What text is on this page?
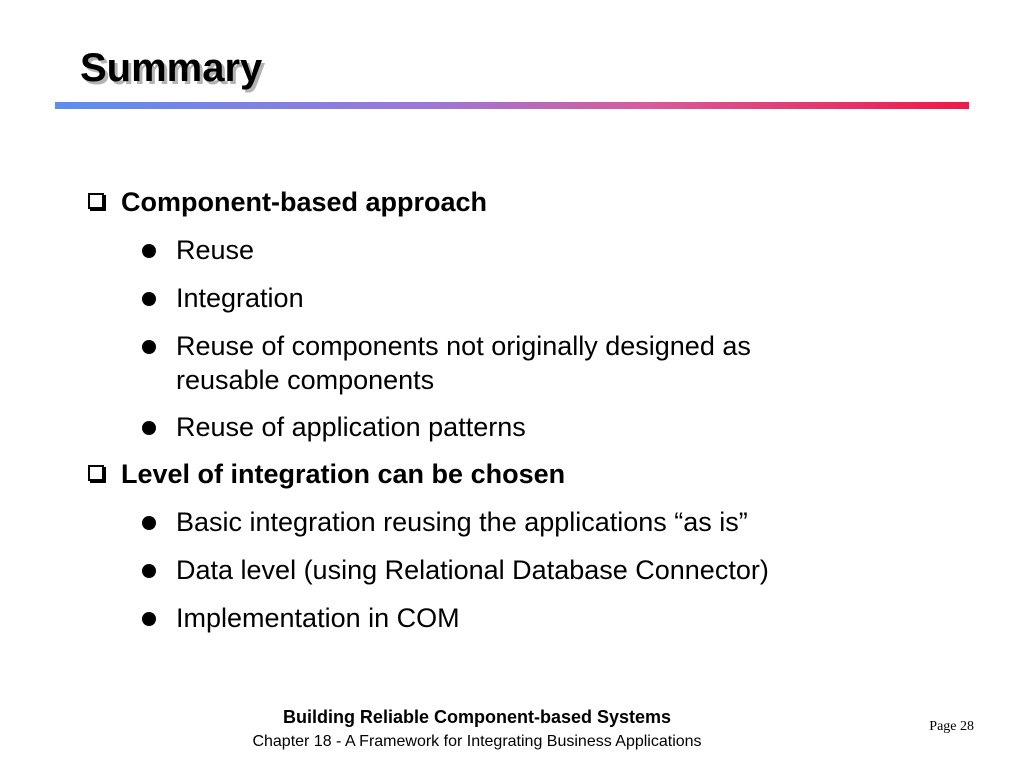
Summary
Component-based approach
Reuse
Integration
Reuse of components not originally designed as
reusable components
Reuse of application patterns
Level of integration can be chosen
Basic integration reusing the applications “as is”
Data level (using Relational Database Connector)
Implementation in COM
Building Reliable Component-based Systems
Chapter 18 - A Framework for Integrating Business Applications
Page 28
